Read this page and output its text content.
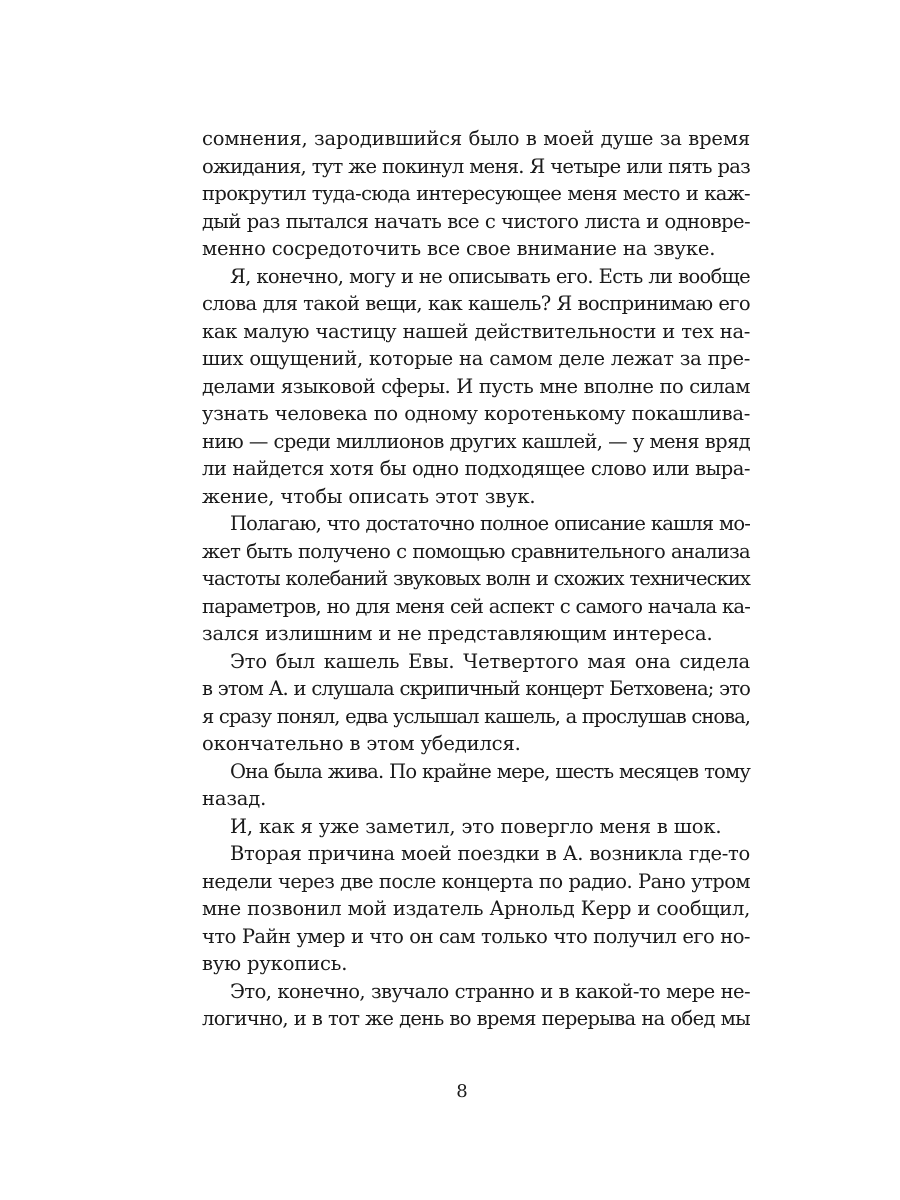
сомнения, зародившийся было в моей душе за время
ожидания, тут же покинул меня. Я четыре или пять раз
прокрутил туда-сюда интересующее меня место и каж-
дый раз пытался начать все с чистого листа и одновре-
менно сосредоточить все свое внимание на звуке.
Я, конечно, могу и не описывать его. Есть ли вообще
слова для такой вещи, как кашель? Я воспринимаю его
как малую частицу нашей действительности и тех на-
ших ощущений, которые на самом деле лежат за пре-
делами языковой сферы. И пусть мне вполне по силам
узнать человека по одному коротенькому покашлива-
нию — среди миллионов других кашлей, — у меня вряд
ли найдется хотя бы одно подходящее слово или выра-
жение, чтобы описать этот звук.
Полагаю, что достаточно полное описание кашля мо-
жет быть получено с помощью сравнительного анализа
частоты колебаний звуковых волн и схожих технических
параметров, но для меня сей аспект с самого начала ка-
зался излишним и не представляющим интереса.
Это был кашель Евы. Четвертого мая она сидела
в этом А. и слушала скрипичный концерт Бетховена; это
я сразу понял, едва услышал кашель, а прослушав снова,
окончательно в этом убедился.
Она была жива. По крайне мере, шесть месяцев тому
назад.
И, как я уже заметил, это повергло меня в шок.
Вторая причина моей поездки в А. возникла где-то
недели через две после концерта по радио. Рано утром
мне позвонил мой издатель Арнольд Керр и сообщил,
что Райн умер и что он сам только что получил его но-
вую рукопись.
Это, конечно, звучало странно и в какой-то мере не-
логично, и в тот же день во время перерыва на обед мы
8
